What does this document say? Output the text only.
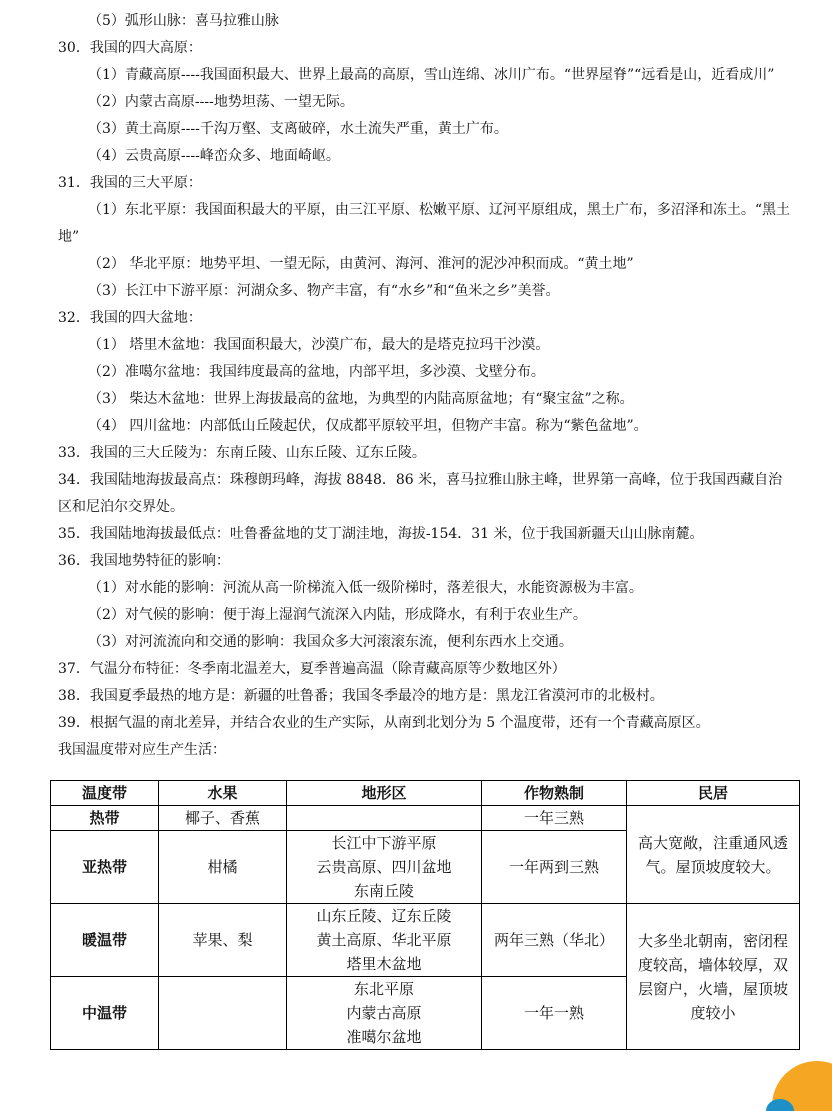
（5）弧形山脉：喜马拉雅山脉
30．我国的四大高原：
（1）青藏高原----我国面积最大、世界上最高的高原，雪山连绵、冰川广布。“世界屋脊”“远看是山，近看成川”
（2）内蒙古高原----地势坦荡、一望无际。
（3）黄土高原----千沟万壑、支离破碎，水土流失严重，黄土广布。
（4）云贵高原----峰峦众多、地面崎岖。
31．我国的三大平原：
（1）东北平原：我国面积最大的平原，由三江平原、松嫩平原、辽河平原组成，黑土广布，多沼泽和冻土。“黑土地”
（2） 华北平原：地势平坦、一望无际，由黄河、海河、淮河的泥沙冲积而成。“黄土地”
（3）长江中下游平原：河湖众多、物产丰富，有“水乡”和“鱼米之乡”美誉。
32．我国的四大盆地：
（1） 塔里木盆地：我国面积最大，沙漠广布，最大的是塔克拉玛干沙漠。
（2）准噶尔盆地：我国纬度最高的盆地，内部平坦，多沙漠、戈壁分布。
（3） 柴达木盆地：世界上海拔最高的盆地，为典型的内陆高原盆地；有“聚宝盆”之称。
（4） 四川盆地：内部低山丘陵起伏，仅成都平原较平坦，但物产丰富。称为“紫色盆地”。
33．我国的三大丘陵为：东南丘陵、山东丘陵、辽东丘陵。
34．我国陆地海拔最高点：珠穆朗玛峰，海拔 8848．86 米，喜马拉雅山脉主峰，世界第一高峰，位于我国西藏自治区和尼泊尔交界处。
35．我国陆地海拔最低点：吐鲁番盆地的艾丁湖洼地，海拔-154．31 米，位于我国新疆天山山脉南麓。
36．我国地势特征的影响：
（1）对水能的影响：河流从高一阶梯流入低一级阶梯时，落差很大，水能资源极为丰富。
（2）对气候的影响：便于海上湿润气流深入内陆，形成降水，有利于农业生产。
（3）对河流流向和交通的影响：我国众多大河滚滚东流，便利东西水上交通。
37．气温分布特征：冬季南北温差大，夏季普遍高温（除青藏高原等少数地区外）
38．我国夏季最热的地方是：新疆的吐鲁番；我国冬季最冷的地方是：黑龙江省漠河市的北极村。
39．根据气温的南北差异，并结合农业的生产实际，从南到北划分为 5 个温度带，还有一个青藏高原区。
我国温度带对应生产生活：
温度带	水果	地形区	作物熟制	民居
热带	椰子、香蕉		一年三熟	高大宽敞，注重通风透气。屋顶坡度较大。
亚热带	柑橘	长江中下游平原
云贵高原、四川盆地
东南丘陵	一年两到三熟	
暖温带	苹果、梨	山东丘陵、辽东丘陵
黄土高原、华北平原
塔里木盆地	两年三熟（华北）	大多坐北朝南，密闭程度较高，墙体较厚，双层窗户，火墙，屋顶坡度较小
中温带		东北平原
内蒙古高原
准噶尔盆地	一年一熟	
